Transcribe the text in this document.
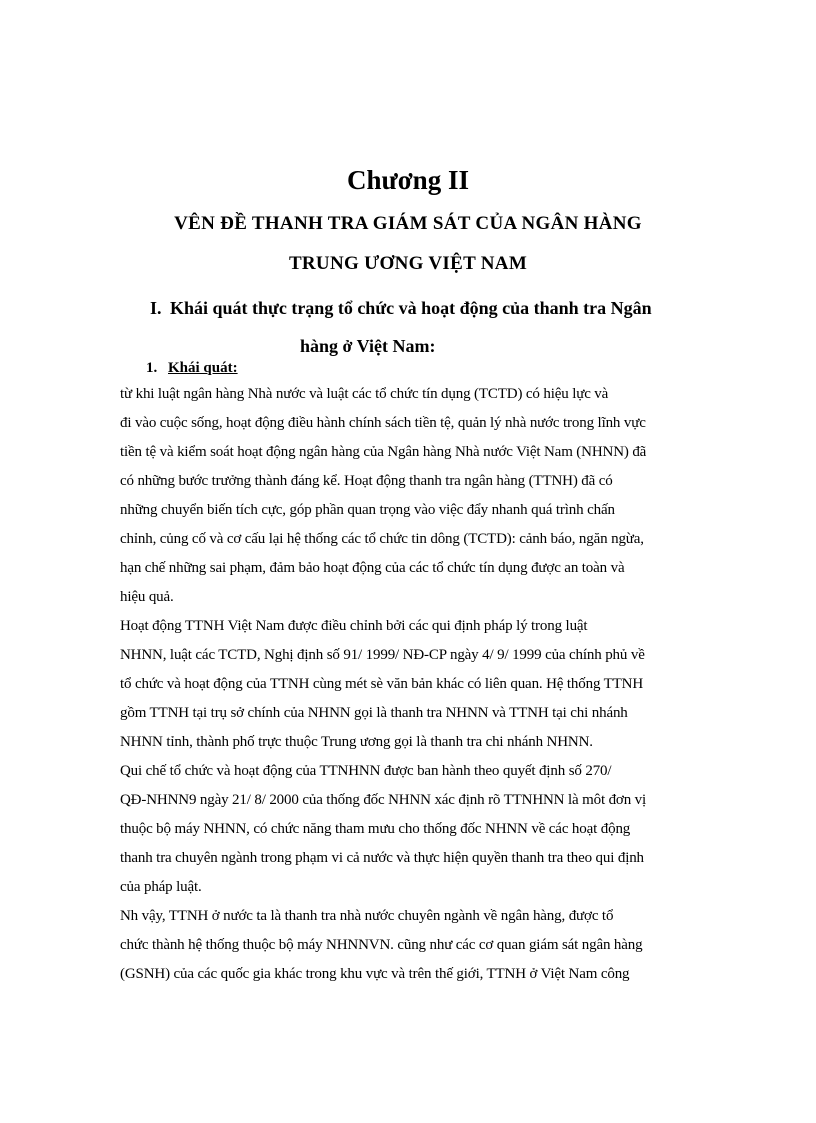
Chương II
VÊN ĐỀ THANH TRA GIÁM SÁT CỦA NGÂN HÀNG
TRUNG ƯƠNG VIỆT NAM
I. Khái quát thực trạng tổ chức và hoạt động của thanh tra Ngân
hàng ở Việt Nam:
1. Khái quát:
từ khi luật ngân hàng Nhà nước và luật các tổ chức tín dụng (TCTD) có hiệu lực và
đi vào cuộc sống, hoạt động điều hành chính sách tiền tệ, quản lý nhà nước trong lĩnh vực
tiền tệ và kiểm soát hoạt động ngân hàng của Ngân hàng Nhà nước Việt Nam (NHNN) đã
có những bước trưởng thành đáng kể. Hoạt động thanh tra ngân hàng (TTNH) đã có
những chuyển biến tích cực, góp phần quan trọng vào việc đẩy nhanh quá trình chấn
chỉnh, củng cố và cơ cấu lại hệ thống các tổ chức tin dông (TCTD): cảnh báo, ngăn ngừa,
hạn chế những sai phạm, đảm bảo hoạt động của các tổ chức tín dụng được an toàn và
hiệu quả.
Hoạt động TTNH Việt Nam được điều chỉnh bởi các qui định pháp lý trong luật
NHNN, luật các TCTD, Nghị định số 91/ 1999/ NĐ-CP ngày 4/ 9/ 1999 của chính phủ về
tổ chức và hoạt động của TTNH cùng mét sè văn bản khác có liên quan. Hệ thống TTNH
gồm TTNH tại trụ sở chính của NHNN gọi là thanh tra NHNN và TTNH tại chi nhánh
NHNN tỉnh, thành phố trực thuộc Trung ương gọi là thanh tra chi nhánh NHNN.
Qui chế tổ chức và hoạt động của TTNHNN được ban hành theo quyết định số 270/
QĐ-NHNN9 ngày 21/ 8/ 2000 của thống đốc NHNN xác định rõ TTNHNN là môt đơn vị
thuộc bộ máy NHNN, có chức năng tham mưu cho thống đốc NHNN về các hoạt động
thanh tra chuyên ngành trong phạm vi cả nước và thực hiện quyền thanh tra theo qui định
của pháp luật.
Nh vậy, TTNH ở nước ta là thanh tra nhà nước chuyên ngành về ngân hàng, được tổ
chức thành hệ thống thuộc bộ máy NHNNVN. cũng như các cơ quan giám sát ngân hàng
(GSNH) của các quốc gia khác trong khu vực và trên thế giới, TTNH ở Việt Nam công
